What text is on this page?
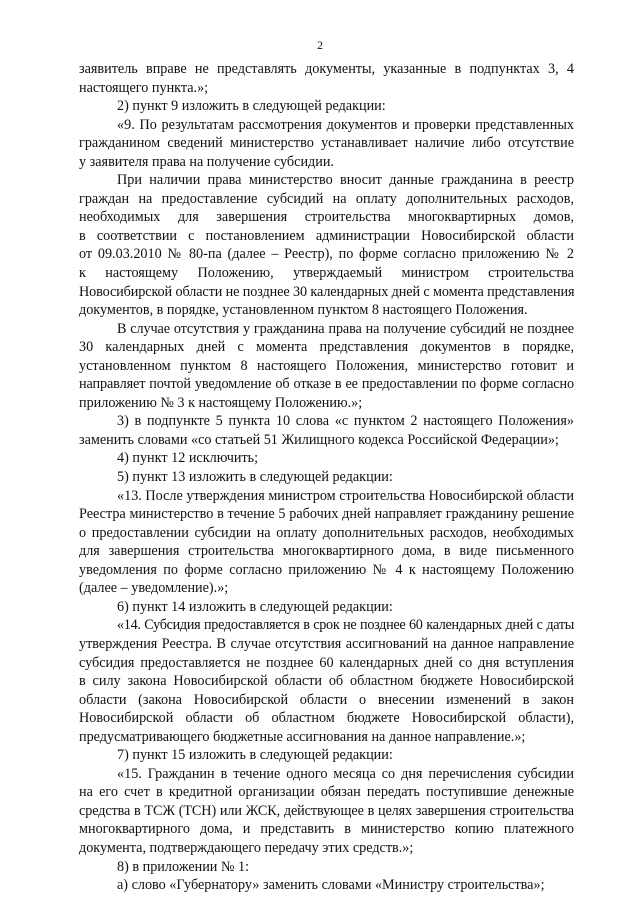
2
заявитель вправе не представлять документы, указанные в подпунктах 3, 4
настоящего пункта.»;
2) пункт 9 изложить в следующей редакции:
«9. По результатам рассмотрения документов и проверки представленных
гражданином сведений министерство устанавливает наличие либо отсутствие
у заявителя права на получение субсидии.
При наличии права министерство вносит данные гражданина в реестр
граждан на предоставление субсидий на оплату дополнительных расходов,
необходимых для завершения строительства многоквартирных домов,
в соответствии с постановлением администрации Новосибирской области
от 09.03.2010 № 80-па (далее – Реестр), по форме согласно приложению № 2
к настоящему Положению, утверждаемый министром строительства
Новосибирской области не позднее 30 календарных дней с момента представления
документов, в порядке, установленном пунктом 8 настоящего Положения.
В случае отсутствия у гражданина права на получение субсидий не позднее
30 календарных дней с момента представления документов в порядке,
установленном пунктом 8 настоящего Положения, министерство готовит и
направляет почтой уведомление об отказе в ее предоставлении по форме согласно
приложению № 3 к настоящему Положению.»;
3) в подпункте 5 пункта 10 слова «с пунктом 2 настоящего Положения»
заменить словами «со статьей 51 Жилищного кодекса Российской Федерации»;
4) пункт 12 исключить;
5) пункт 13 изложить в следующей редакции:
«13. После утверждения министром строительства Новосибирской области
Реестра министерство в течение 5 рабочих дней направляет гражданину решение
о предоставлении субсидии на оплату дополнительных расходов, необходимых
для завершения строительства многоквартирного дома, в виде письменного
уведомления по форме согласно приложению № 4 к настоящему Положению
(далее – уведомление).»;
6) пункт 14 изложить в следующей редакции:
«14. Субсидия предоставляется в срок не позднее 60 календарных дней с даты
утверждения Реестра. В случае отсутствия ассигнований на данное направление
субсидия предоставляется не позднее 60 календарных дней со дня вступления
в силу закона Новосибирской области об областном бюджете Новосибирской
области (закона Новосибирской области о внесении изменений в закон
Новосибирской области об областном бюджете Новосибирской области),
предусматривающего бюджетные ассигнования на данное направление.»;
7) пункт 15 изложить в следующей редакции:
«15. Гражданин в течение одного месяца со дня перечисления субсидии
на его счет в кредитной организации обязан передать поступившие денежные
средства в ТСЖ (ТСН) или ЖСК, действующее в целях завершения строительства
многоквартирного дома, и представить в министерство копию платежного
документа, подтверждающего передачу этих средств.»;
8) в приложении № 1:
а) слово «Губернатору» заменить словами «Министру строительства»;
